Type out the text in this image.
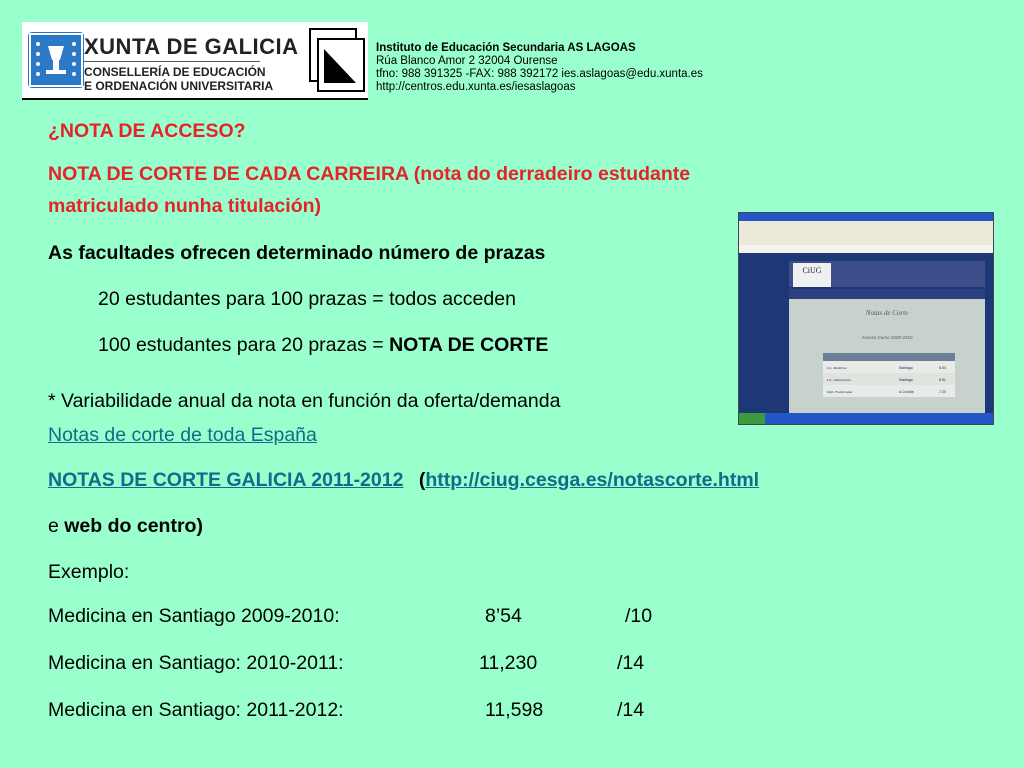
XUNTA DE GALICIA
CONSELLERÍA DE EDUCACIÓN
E ORDENACIÓN UNIVERSITARIA
Instituto de Educación Secundaria AS LAGOAS
Rúa Blanco Amor 2 32004 Ourense
tfno: 988 391325 -FAX: 988 392172 ies.aslagoas@edu.xunta.es
http://centros.edu.xunta.es/iesaslagoas
¿NOTA DE ACCESO?
NOTA DE CORTE DE CADA CARREIRA (nota do derradeiro estudante
matriculado nunha titulación)
As facultades ofrecen determinado número de prazas
20 estudantes para 100 prazas = todos acceden
100 estudantes para 20 prazas = NOTA DE CORTE
* Variabilidade anual da nota en función da oferta/demanda
Notas de corte de toda España
NOTAS DE CORTE GALICIA 2011-2012 (http://ciug.cesga.es/notascorte.html
e web do centro)
Exemplo:
Medicina en Santiago 2009-2010:	8’54	/10
Medicina en Santiago: 2010-2011:	11,230	/14
Medicina en Santiago: 2011-2012:	11,598	/14
CiUG
Notas de Corte
Acceso Curso 2009-2010
Lic. Medicina	Santiago	8.54
Lic. Odontoloxía	Santiago	8.51
Dipl. Fisioterapia	A Coruña	7.30
